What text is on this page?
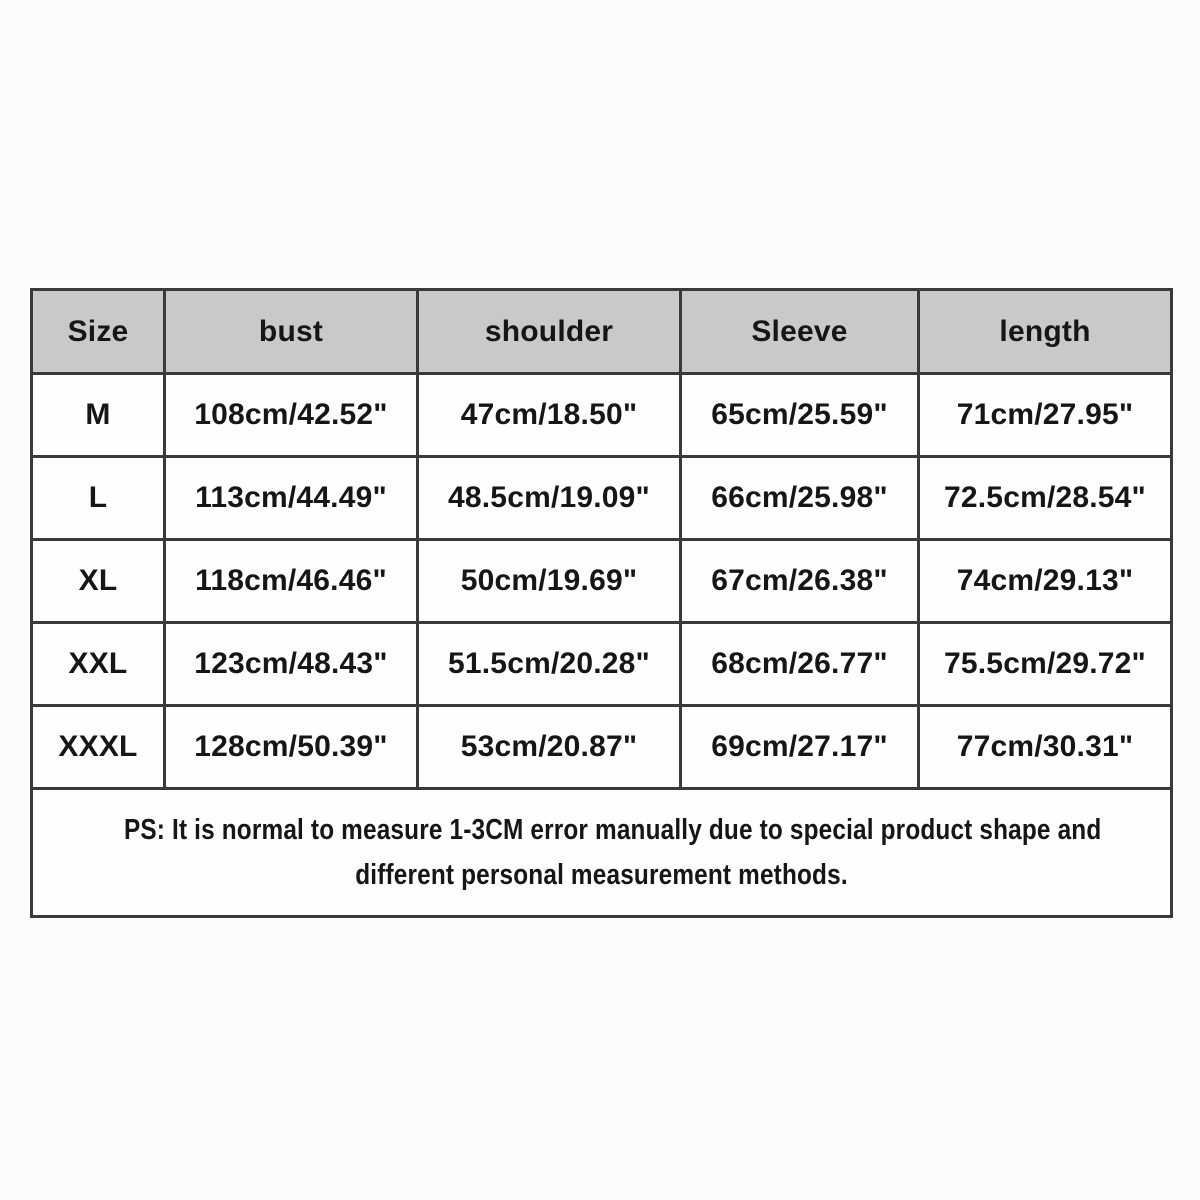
Size	bust	shoulder	Sleeve	length
M	108cm/42.52"	47cm/18.50"	65cm/25.59"	71cm/27.95"
L	113cm/44.49"	48.5cm/19.09"	66cm/25.98"	72.5cm/28.54"
XL	118cm/46.46"	50cm/19.69"	67cm/26.38"	74cm/29.13"
XXL	123cm/48.43"	51.5cm/20.28"	68cm/26.77"	75.5cm/29.72"
XXXL	128cm/50.39"	53cm/20.87"	69cm/27.17"	77cm/30.31"

PS: It is normal to measure 1-3CM error manually due to special product shape and
different personal measurement methods.				
